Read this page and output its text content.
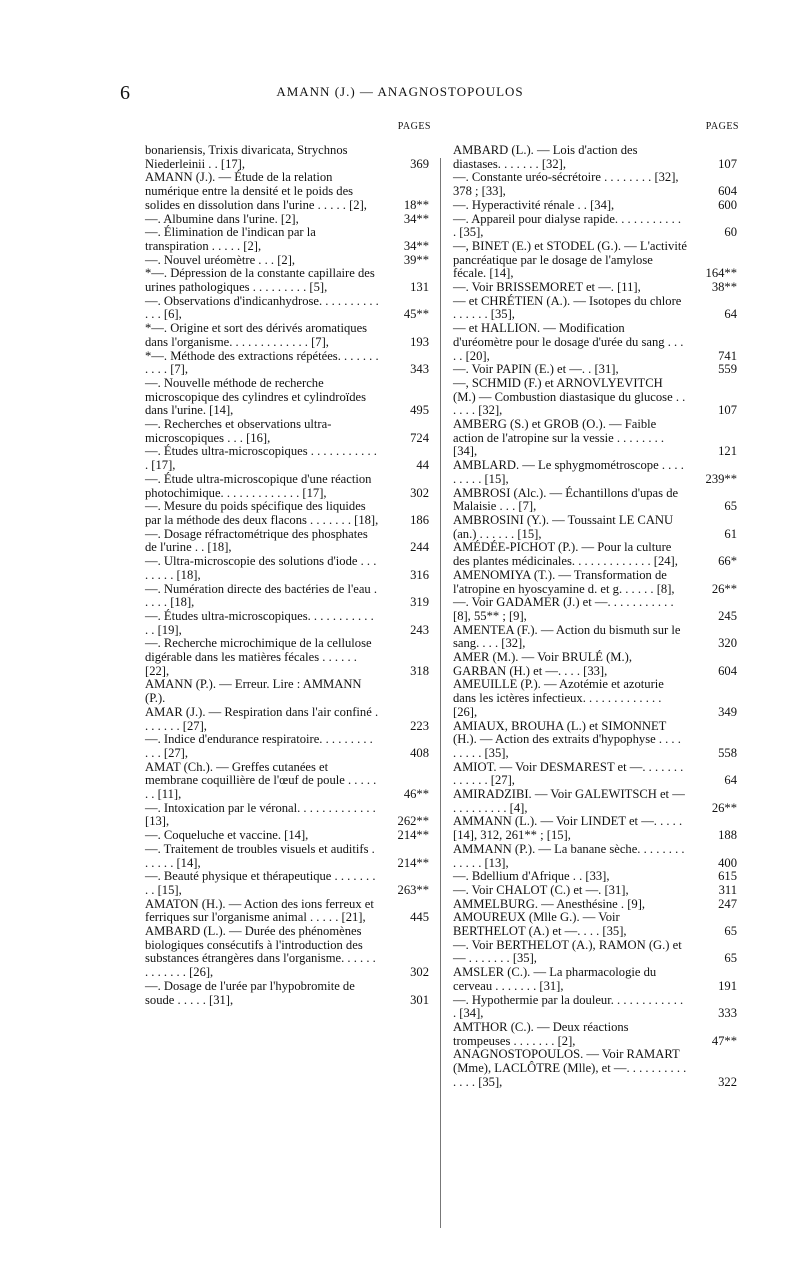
6	AMANN (J.) — ANAGNOSTOPOULOS
PAGES
bonariensis, Trixis divaricata, Strychnos Niederleinii . . [17],	369
AMANN (J.). — Étude de la relation numérique entre la densité et le poids des solides en dissolution dans l'urine . . . . . [2],	18**
—. Albumine dans l'urine. [2],	34**
—. Élimination de l'indican par la transpiration . . . . . [2],	34**
—. Nouvel uréomètre . . . [2],	39**
*—. Dépression de la constante capillaire des urines pathologiques . . . . . . . . . [5],	131
—. Observations d'indicanhydrose. . . . . . . . . . . . . [6],	45**
*—. Origine et sort des dérivés aromatiques dans l'organisme. . . . . . . . . . . . . [7],	193
*—. Méthode des extractions répétées. . . . . . . . . . . [7],	343
—. Nouvelle méthode de recherche microscopique des cylindres et cylindroïdes dans l'urine. [14],	495
—. Recherches et observations ultra-microscopiques . . . [16],	724
—. Études ultra-microscopiques . . . . . . . . . . . . [17],	44
—. Étude ultra-microscopique d'une réaction photochimique. . . . . . . . . . . . . [17],	302
—. Mesure du poids spécifique des liquides par la méthode des deux flacons . . . . . . . [18],	186
—. Dosage réfractométrique des phosphates de l'urine . . [18],	244
—. Ultra-microscopie des solutions d'iode . . . . . . . . [18],	316
—. Numération directe des bactéries de l'eau . . . . . [18],	319
—. Études ultra-microscopiques. . . . . . . . . . . . . [19],	243
—. Recherche microchimique de la cellulose digérable dans les matières fécales . . . . . . [22],	318
AMANN (P.). — Erreur. Lire : AMMANN (P.).
AMAR (J.). — Respiration dans l'air confiné . . . . . . . [27],	223
—. Indice d'endurance respiratoire. . . . . . . . . . . . [27],	408
AMAT (Ch.). — Greffes cutanées et membrane coquillière de l'œuf de poule . . . . . . . [11],	46**
—. Intoxication par le véronal. . . . . . . . . . . . . [13],	262**
—. Coqueluche et vaccine. [14],	214**
—. Traitement de troubles visuels et auditifs . . . . . . [14],	214**
—. Beauté physique et thérapeutique . . . . . . . . . [15],	263**
AMATON (H.). — Action des ions ferreux et ferriques sur l'organisme animal . . . . . [21],	445
AMBARD (L.). — Durée des phénomènes biologiques consécutifs à l'introduction des substances étrangères dans l'organisme. . . . . . . . . . . . . [26],	302
—. Dosage de l'urée par l'hypobromite de soude . . . . . [31],	301
PAGES
AMBARD (L.). — Lois d'action des diastases. . . . . . . [32],	107
—. Constante uréo-sécrétoire . . . . . . . . [32], 378 ; [33],	604
—. Hyperactivité rénale . . [34],	600
—. Appareil pour dialyse rapide. . . . . . . . . . . . [35],	60
—, BINET (E.) et STODEL (G.). — L'activité pancréatique par le dosage de l'amylose fécale. [14],	164**
—. Voir BRISSEMORET et —. [11],	38**
— et CHRÉTIEN (A.). — Isotopes du chlore . . . . . . [35],	64
— et HALLION. — Modification d'uréomètre pour le dosage d'urée du sang . . . . . [20],	741
—. Voir PAPIN (E.) et —. . [31],	559
—, SCHMID (F.) et ARNOVLYEVITCH (M.) — Combustion diastasique du glucose . . . . . . [32],	107
AMBERG (S.) et GROB (O.). — Faible action de l'atropine sur la vessie . . . . . . . . [34],	121
AMBLARD. — Le sphygmométroscope . . . . . . . . . [15],	239**
AMBROSI (Alc.). — Échantillons d'upas de Malaisie . . . [7],	65
AMBROSINI (Y.). — Toussaint LE CANU (an.) . . . . . . [15],	61
AMÉDÉE-PICHOT (P.). — Pour la culture des plantes médicinales. . . . . . . . . . . . . [24],	66*
AMENOMIYA (T.). — Transformation de l'atropine en hyoscyamine d. et g. . . . . . [8],	26**
—. Voir GADAMER (J.) et —. . . . . . . . . . . [8], 55** ; [9],	245
AMENTEA (F.). — Action du bismuth sur le sang. . . . [32],	320
AMER (M.). — Voir BRULÉ (M.), GARBAN (H.) et —. . . . [33],	604
AMEUILLE (P.). — Azotémie et azoturie dans les ictères infectieux. . . . . . . . . . . . . [26],	349
AMIAUX, BROUHA (L.) et SIMONNET (H.). — Action des extraits d'hypophyse . . . . . . . . . [35],	558
AMIOT. — Voir DESMAREST et —. . . . . . . . . . . . . [27],	64
AMIRADZIBI. — Voir GALEWITSCH et — . . . . . . . . . [4],	26**
AMMANN (L.). — Voir LINDET et —. . . . . [14], 312, 261** ; [15],	188
AMMANN (P.). — La banane sèche. . . . . . . . . . . . . [13],	400
—. Bdellium d'Afrique . . [33],	615
—. Voir CHALOT (C.) et —. [31],	311
AMMELBURG. — Anesthésine . [9],	247
AMOUREUX (Mlle G.). — Voir BERTHELOT (A.) et —. . . . [35],	65
—. Voir BERTHELOT (A.), RAMON (G.) et — . . . . . . . [35],	65
AMSLER (C.). — La pharmacologie du cerveau . . . . . . . [31],	191
—. Hypothermie par la douleur. . . . . . . . . . . . . [34],	333
AMTHOR (C.). — Deux réactions trompeuses . . . . . . . [2],	47**
ANAGNOSTOPOULOS. — Voir RAMART (Mme), LACLÔTRE (Mlle), et —. . . . . . . . . . . . . . [35],	322
